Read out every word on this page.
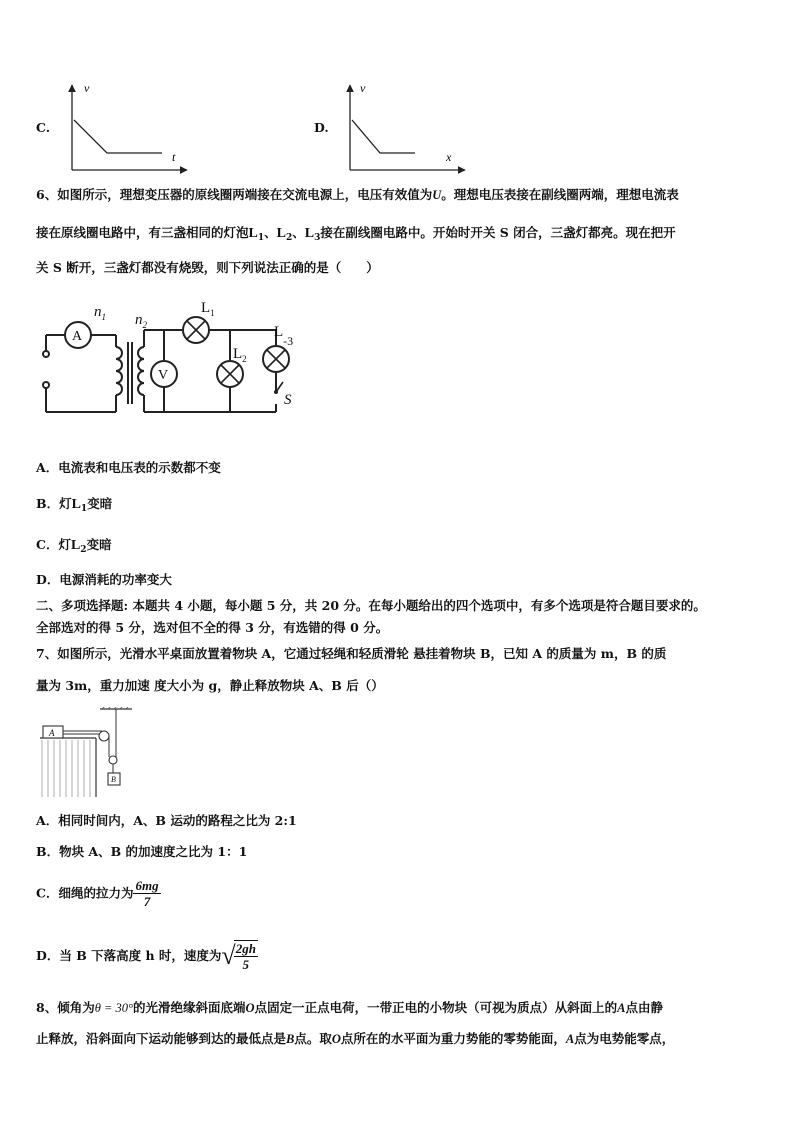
C.
v
t
D.
v
x
6、如图所示，理想变压器的原线圈两端接在交流电源上，电压有效值为U。理想电压表接在副线圈两端，理想电流表
接在原线圈电路中，有三盏相同的灯泡$L_1$、$L_2$、$L_3$接在副线圈电路中。开始时开关 S 闭合，三盏灯都亮。现在把开
关 S 断开，三盏灯都没有烧毁，则下列说法正确的是（　　）
A
V
$n_1$ $n_2$
$L_1$
$L_2$
$L_{-3}$
S
A．电流表和电压表的示数都不变
B．灯$L_1$变暗
C．灯$L_2$变暗
D．电源消耗的功率变大
二、多项选择题: 本题共 4 小题，每小题 5 分，共 20 分。在每小题给出的四个选项中，有多个选项是符合题目要求的。
全部选对的得 5 分，选对但不全的得 3 分，有选错的得 0 分。
7、如图所示，光滑水平桌面放置着物块 A，它通过轻绳和轻质滑轮 悬挂着物块 B，已知 A 的质量为 m，B 的质
量为 3m，重力加速 度大小为 g，静止释放物块 A、B 后（）
A
B
A．相同时间内，A、B 运动的路程之比为 2:1
B．物块 A、B 的加速度之比为 1：1
C．细绳的拉力为 $\frac{6mg}{7}$
D．当 B 下落高度 h 时，速度为√
$\frac{2gh}{5}$
8、倾角为θ = 30°的光滑绝缘斜面底端O点固定一正点电荷，一带正电的小物块（可视为质点）从斜面上的A点由静
止释放，沿斜面向下运动能够到达的最低点是B点。取O点所在的水平面为重力势能的零势能面，A点为电势能零点，
